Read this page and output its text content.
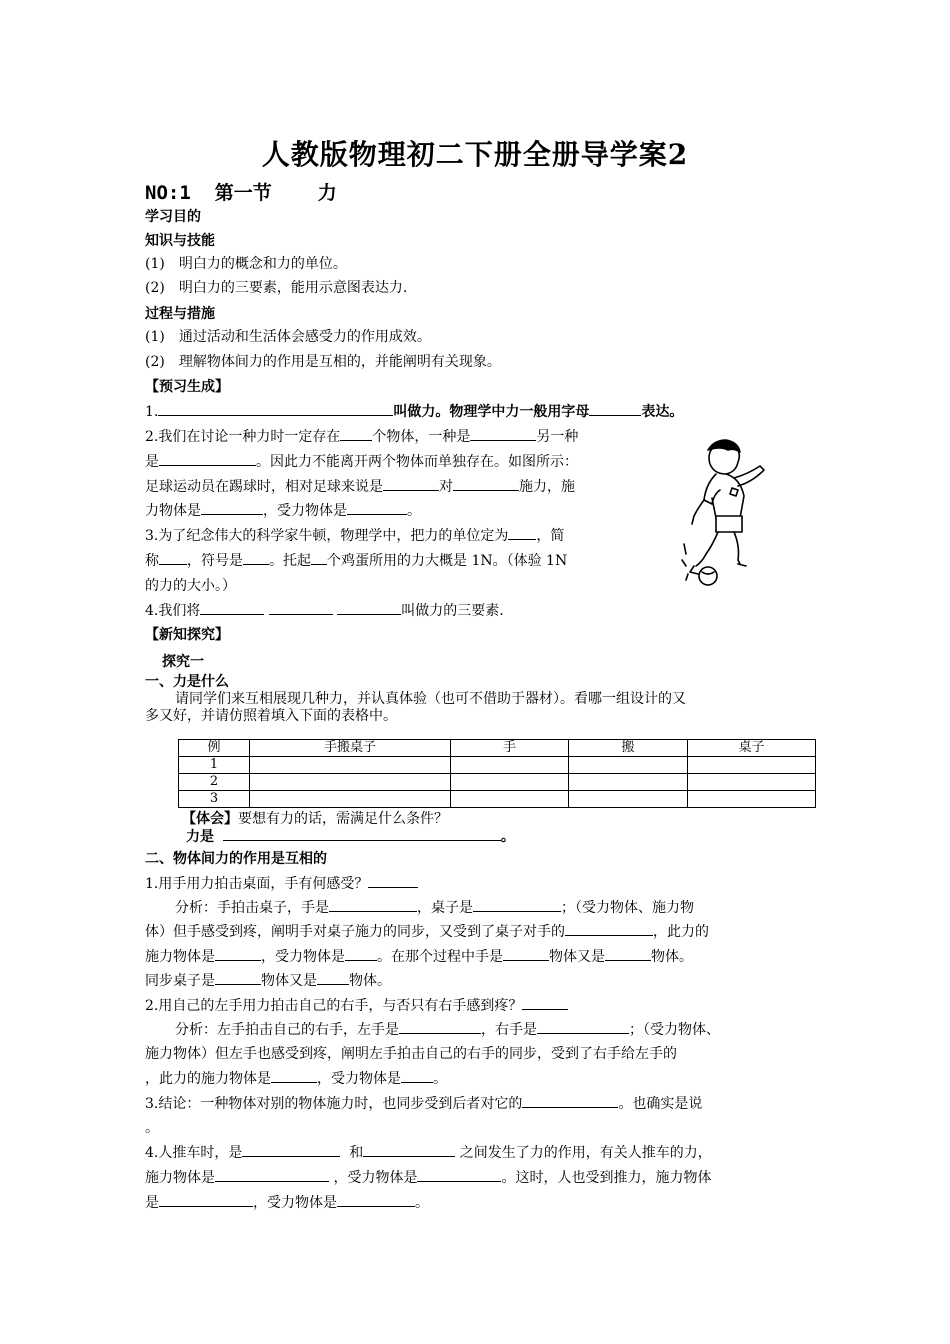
人教版物理初二下册全册导学案2
NO:1 第一节 力
学习目的
知识与技能
(1)　明白力的概念和力的单位。
(2)　明白力的三要素，能用示意图表达力.
过程与措施
(1)　通过活动和生活体会感受力的作用成效。
(2)　理解物体间力的作用是互相的，并能阐明有关现象。
【预习生成】
1.	叫做力。物理学中力一般用字母	表达。
2.我们在讨论一种力时一定存在 个物体，一种是	另一种
是	。因此力不能离开两个物体而单独存在。如图所示：
足球运动员在踢球时，相对足球来说是	对	施力，施
力物体是	，受力物体是	。
3.为了纪念伟大的科学家牛顿，物理学中，把力的单位定为 ，简
称 ，符号是 。托起 个鸡蛋所用的力大概是 1N。（体验 1N
的力的大小。）
4.我们将	叫做力的三要素.
【新知探究】
探究一
一、力是什么
请同学们来互相展现几种力，并认真体验（也可不借助于器材）。看哪一组设计的又
多又好，并请仿照着填入下面的表格中。
例	手搬桌子	手	搬	桌子
1				
2				
3				
【体会】要想有力的话，需满足什么条件？
力是	。
二、物体间力的作用是互相的
1.用手用力拍击桌面，手有何感受？
分析：手拍击桌子，手是	，桌子是	；（受力物体、施力物
体）但手感受到疼，阐明手对桌子施力的同步，又受到了桌子对手的	，此力的
施力物体是	，受力物体是 。在那个过程中手是	物体又是	物体。
同步桌子是	物体又是 物体。
2.用自己的左手用力拍击自己的右手，与否只有右手感到疼？
分析：左手拍击自己的右手，左手是	，右手是	；（受力物体、
施力物体）但左手也感受到疼，阐明左手拍击自己的右手的同步，受到了右手给左手的
，此力的施力物体是	，受力物体是 。
3.结论：一种物体对别的物体施力时，也同步受到后者对它的	。也确实是说
。
4.人推车时，是	和	之间发生了力的作用，有关人推车的力，
施力物体是	，受力物体是	。这时，人也受到推力，施力物体
是	，受力物体是	。
